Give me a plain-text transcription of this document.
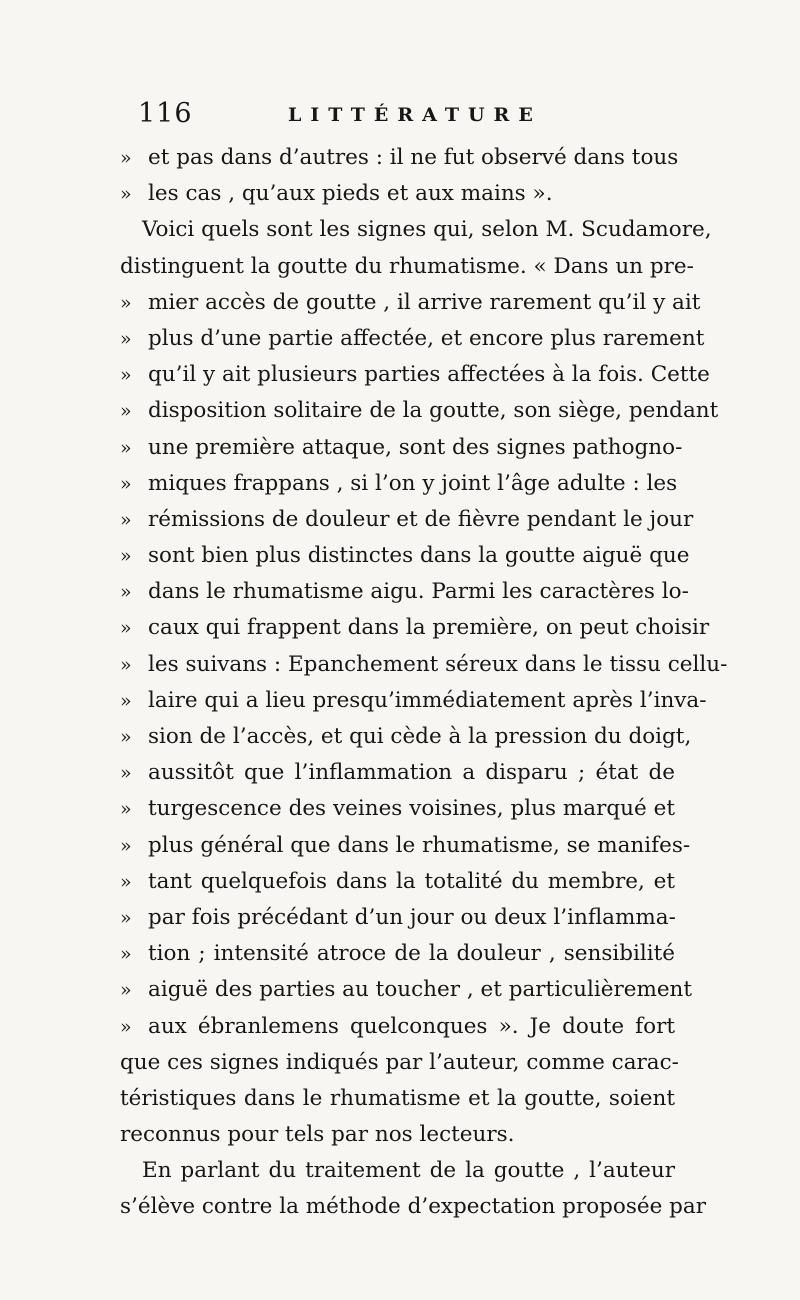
116	LITTÉRATURE
» et pas dans d’autres : il ne fut observé dans tous
» les cas , qu’aux pieds et aux mains ».
Voici quels sont les signes qui, selon M. Scudamore,
distinguent la goutte du rhumatisme. « Dans un pre-
» mier accès de goutte , il arrive rarement qu’il y ait
» plus d’une partie affectée, et encore plus rarement
» qu’il y ait plusieurs parties affectées à la fois. Cette
» disposition solitaire de la goutte, son siège, pendant
» une première attaque, sont des signes pathogno-
» miques frappans , si l’on y joint l’âge adulte : les
» rémissions de douleur et de fièvre pendant le jour
» sont bien plus distinctes dans la goutte aiguë que
» dans le rhumatisme aigu. Parmi les caractères lo-
» caux qui frappent dans la première, on peut choisir
» les suivans : Epanchement séreux dans le tissu cellu-
» laire qui a lieu presqu’immédiatement après l’inva-
» sion de l’accès, et qui cède à la pression du doigt,
» aussitôt que l’inflammation a disparu ; état de
» turgescence des veines voisines, plus marqué et
» plus général que dans le rhumatisme, se manifes-
» tant quelquefois dans la totalité du membre, et
» par fois précédant d’un jour ou deux l’inflamma-
» tion ; intensité atroce de la douleur , sensibilité
» aiguë des parties au toucher , et particulièrement
» aux ébranlemens quelconques ». Je doute fort
que ces signes indiqués par l’auteur, comme carac-
téristiques dans le rhumatisme et la goutte, soient
reconnus pour tels par nos lecteurs.
En parlant du traitement de la goutte , l’auteur
s’élève contre la méthode d’expectation proposée par
